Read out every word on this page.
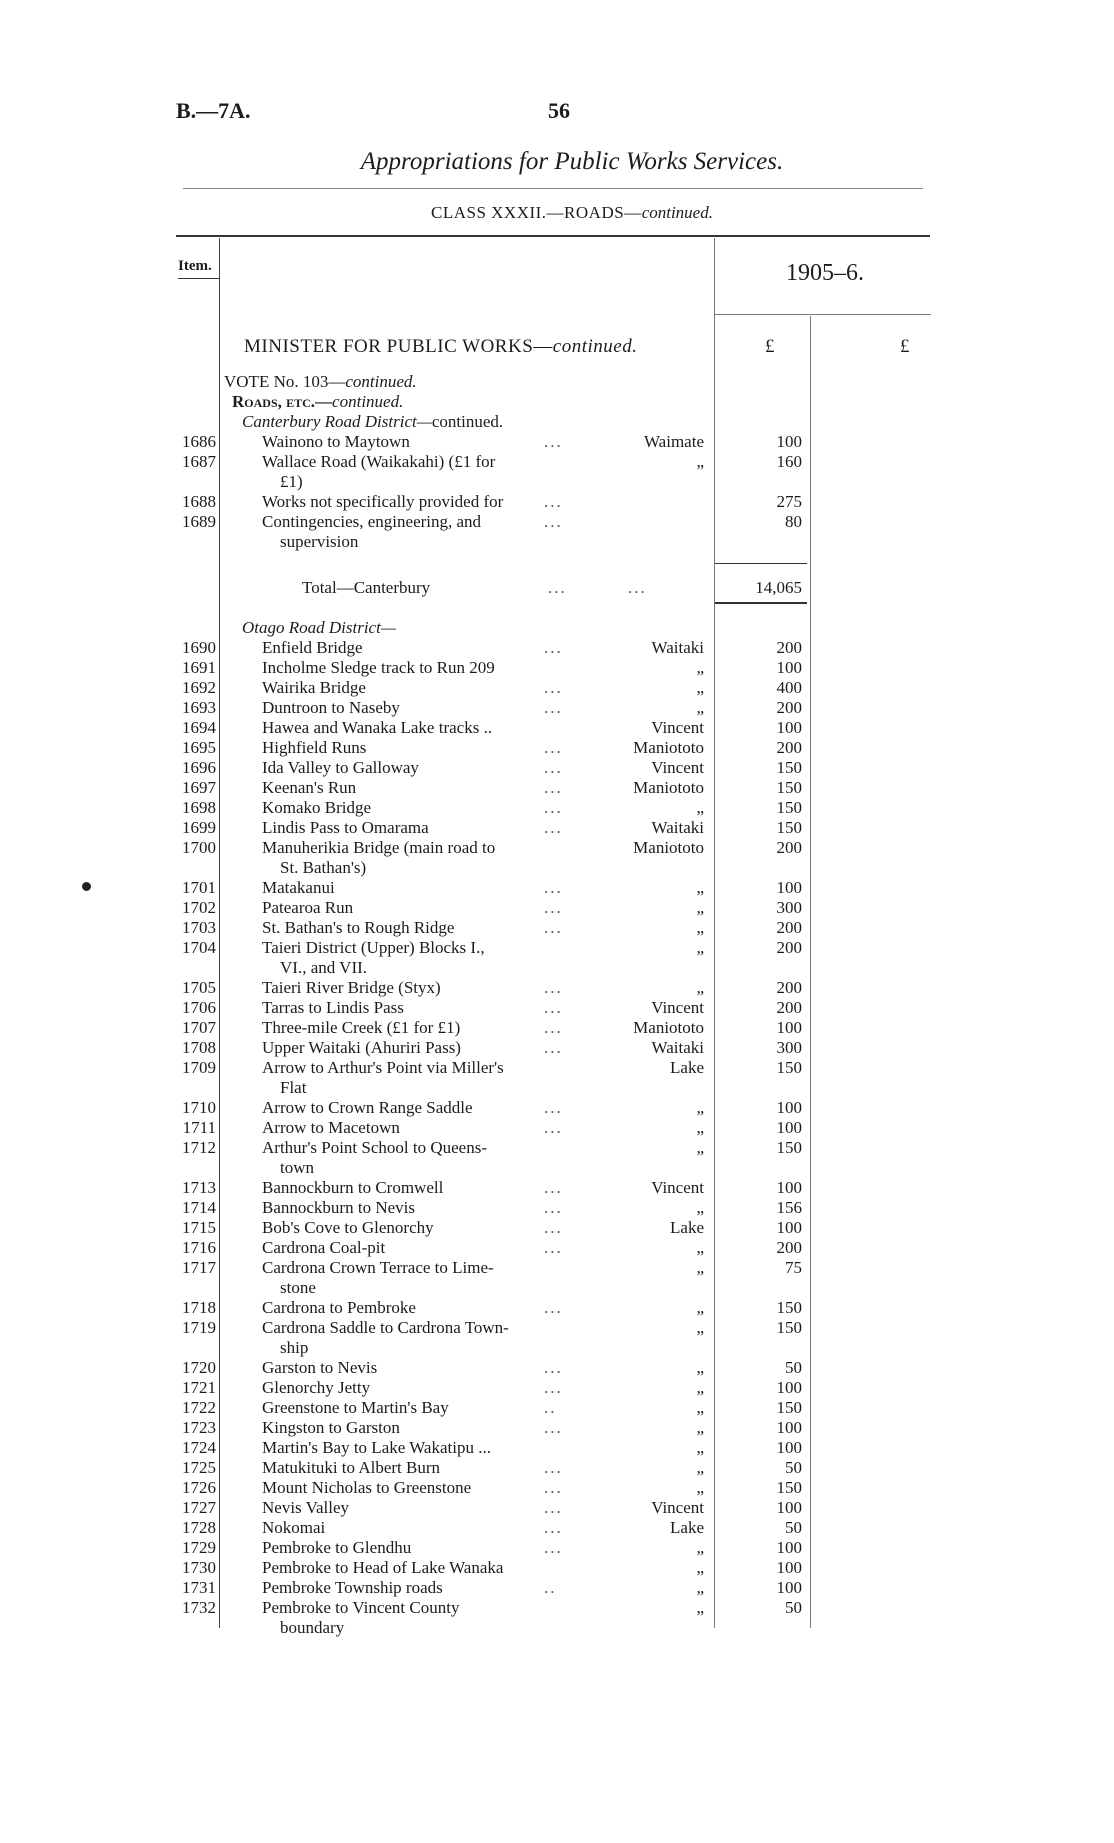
B.—7A.	56
Appropriations for Public Works Services.
CLASS XXXII.—ROADS—continued.
Item.	1905–6.
MINISTER FOR PUBLIC WORKS—continued.	£	£
VOTE No. 103—continued.
Roads, etc.—continued.
Canterbury Road District—continued.
1686	Wainono to Maytown	...	Waimate	100
1687	Wallace Road (Waikakahi) (£1 for
£1)
„	160
1688	Works not specifically provided for	...	275
1689	Contingencies, engineering, and
supervision
...	80
Total—Canterbury	...	...	14,065
Otago Road District—
1690	Enfield Bridge	...	Waitaki	200
1691	Incholme Sledge track to Run 209	„	100
1692	Wairika Bridge	...	„	400
1693	Duntroon to Naseby	...	„	200
1694	Hawea and Wanaka Lake tracks ..	Vincent	100
1695	Highfield Runs	...	Maniototo	200
1696	Ida Valley to Galloway	...	Vincent	150
1697	Keenan's Run	...	Maniototo	150
1698	Komako Bridge	...	„	150
1699	Lindis Pass to Omarama	...	Waitaki	150
1700	Manuherikia Bridge (main road to
St. Bathan's)
Maniototo	200
1701	Matakanui	...	„	100
1702	Patearoa Run	...	„	300
1703	St. Bathan's to Rough Ridge	...	„	200
1704	Taieri District (Upper) Blocks I.,
VI., and VII.
„	200
1705	Taieri River Bridge (Styx)	...	„	200
1706	Tarras to Lindis Pass	...	Vincent	200
1707	Three-mile Creek (£1 for £1)	...	Maniototo	100
1708	Upper Waitaki (Ahuriri Pass)	...	Waitaki	300
1709	Arrow to Arthur's Point via Miller's
Flat
Lake	150
1710	Arrow to Crown Range Saddle	...	„	100
1711	Arrow to Macetown	...	„	100
1712	Arthur's Point School to Queens-
town
„	150
1713	Bannockburn to Cromwell	...	Vincent	100
1714	Bannockburn to Nevis	...	„	156
1715	Bob's Cove to Glenorchy	...	Lake	100
1716	Cardrona Coal-pit	...	„	200
1717	Cardrona Crown Terrace to Lime-
stone
„	75
1718	Cardrona to Pembroke	...	„	150
1719	Cardrona Saddle to Cardrona Town-
ship
„	150
1720	Garston to Nevis	...	„	50
1721	Glenorchy Jetty	...	„	100
1722	Greenstone to Martin's Bay	..	„	150
1723	Kingston to Garston	...	„	100
1724	Martin's Bay to Lake Wakatipu ...	„	100
1725	Matukituki to Albert Burn	...	„	50
1726	Mount Nicholas to Greenstone	...	„	150
1727	Nevis Valley	...	Vincent	100
1728	Nokomai	...	Lake	50
1729	Pembroke to Glendhu	...	„	100
1730	Pembroke to Head of Lake Wanaka	„	100
1731	Pembroke Township roads	..	„	100
1732	Pembroke to Vincent County
boundary
„	50
